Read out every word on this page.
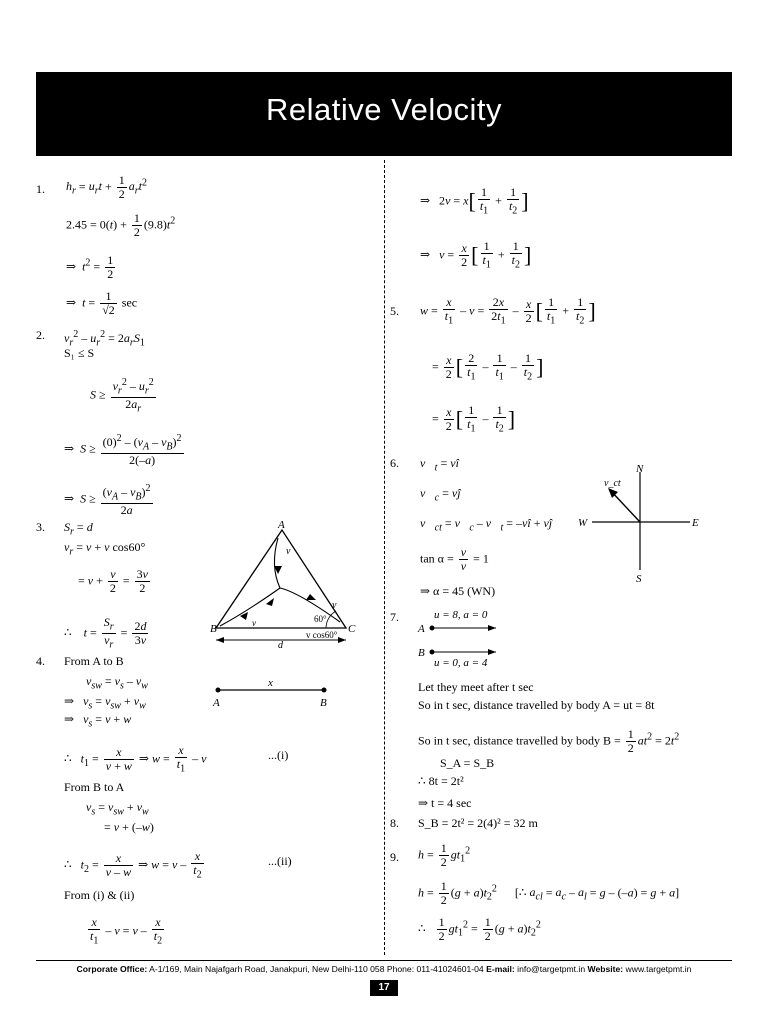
Relative Velocity
1. $h_r = u_rt + \frac{1}{2} a_rt^2$
$2.45 = 0(t) + \frac{1}{2} (9.8)t^2$
⇒  $t^2 = \frac{1}{2}$
⇒  $t = \frac{1}{√2}$ sec
2. $v_r^2 - u_r^2 = 2a_rS_1$
S₁ ≤ S
$S \ge \frac{v_r^2 - u_r^2}{2a_r}$
⇒  $S \ge \frac{(0)^2 - (v_A - v_B)^2}{2(-a)}$
⇒  $S \ge \frac{(v_A - v_B)^2}{2a}$
3. $S_r = d$
$v_r = v + v$ cos60°
= $v + \frac{v}{2} = \frac{3v}{2}$
∴    $t = \frac{S_r}{v_r} = \frac{2d}{3v}$
A
B	C
v
v
v	60°
d
v cos60°
4. From A to B
$v_{sw} = v_s - v_w$
⇒   $v_s = v_{sw} + v_w$
⇒   $v_s = v + w$
∴   $t_1 = \frac{x}{v + w}$ ⇒ $w = \frac{x}{t_1} - v$	...(i)
From B to A
$v_s = v_{sw} + v_w$
= v + (–w)
∴   $t_2 = \frac{x}{v - w}$ ⇒ $w = v - \frac{x}{t_2}$	...(ii)
From (i) & (ii)
$\frac{x}{t_1} - v = v - \frac{x}{t_2}$
x
A	B
⇒   $2v = x[ \frac{1}{t_1} + \frac{1}{t_2}$ ]
⇒   $v = \frac{x}{2}$ [ $\frac{1}{t_1} + \frac{1}{t_2}$ ]
5. $w = \frac{x}{t_1} - v = \frac{2x}{2t_1} - \frac{x}{2}$ [ $\frac{1}{t_1} + \frac{1}{t_2}$ ]
= $\frac{x}{2}$ [ $\frac{2}{t_1} - \frac{1}{t_1} - \frac{1}{t_2}$ ]
= $\frac{x}{2}$ [ $\frac{1}{t_1} - \frac{1}{t_2}$ ]
6. $v⃗_t$ = vî
$v⃗_c$ = vĵ
$v⃗_{ct}$ = $v⃗_c$ – $v⃗_t$ = –vî + vĵ
$\tan \alpha = \frac{v}{v} = 1$
⇒ α = 45 (WN)
N
S
E
W
v_ct
7.	u = 8, a = 0
A
B
u = 0, a = 4
Let they meet after t sec
So in t sec, distance travelled by body A = ut = 8t
So in t sec, distance travelled by body $B = \frac{1}{2} at^2 = 2t^2$
S_A = S_B
∴ 8t = 2t²
⇒ t = 4 sec
8. S_B = 2t² = 2(4)² = 32 m
9. $h = \frac{1}{2} gt_1^2$
$h = \frac{1}{2} (g + a)t_2^2$      [∴ $a_{cl} = a_c - a_l = g - (-a) = g + a$]
∴ $\frac{1}{2} gt_1^2 = \frac{1}{2} (g + a)t_2^2$
Corporate Office: A-1/169, Main Najafgarh Road, Janakpuri, New Delhi-110 058 Phone: 011-41024601-04 E-mail: info@targetpmt.in Website: www.targetpmt.in
17
